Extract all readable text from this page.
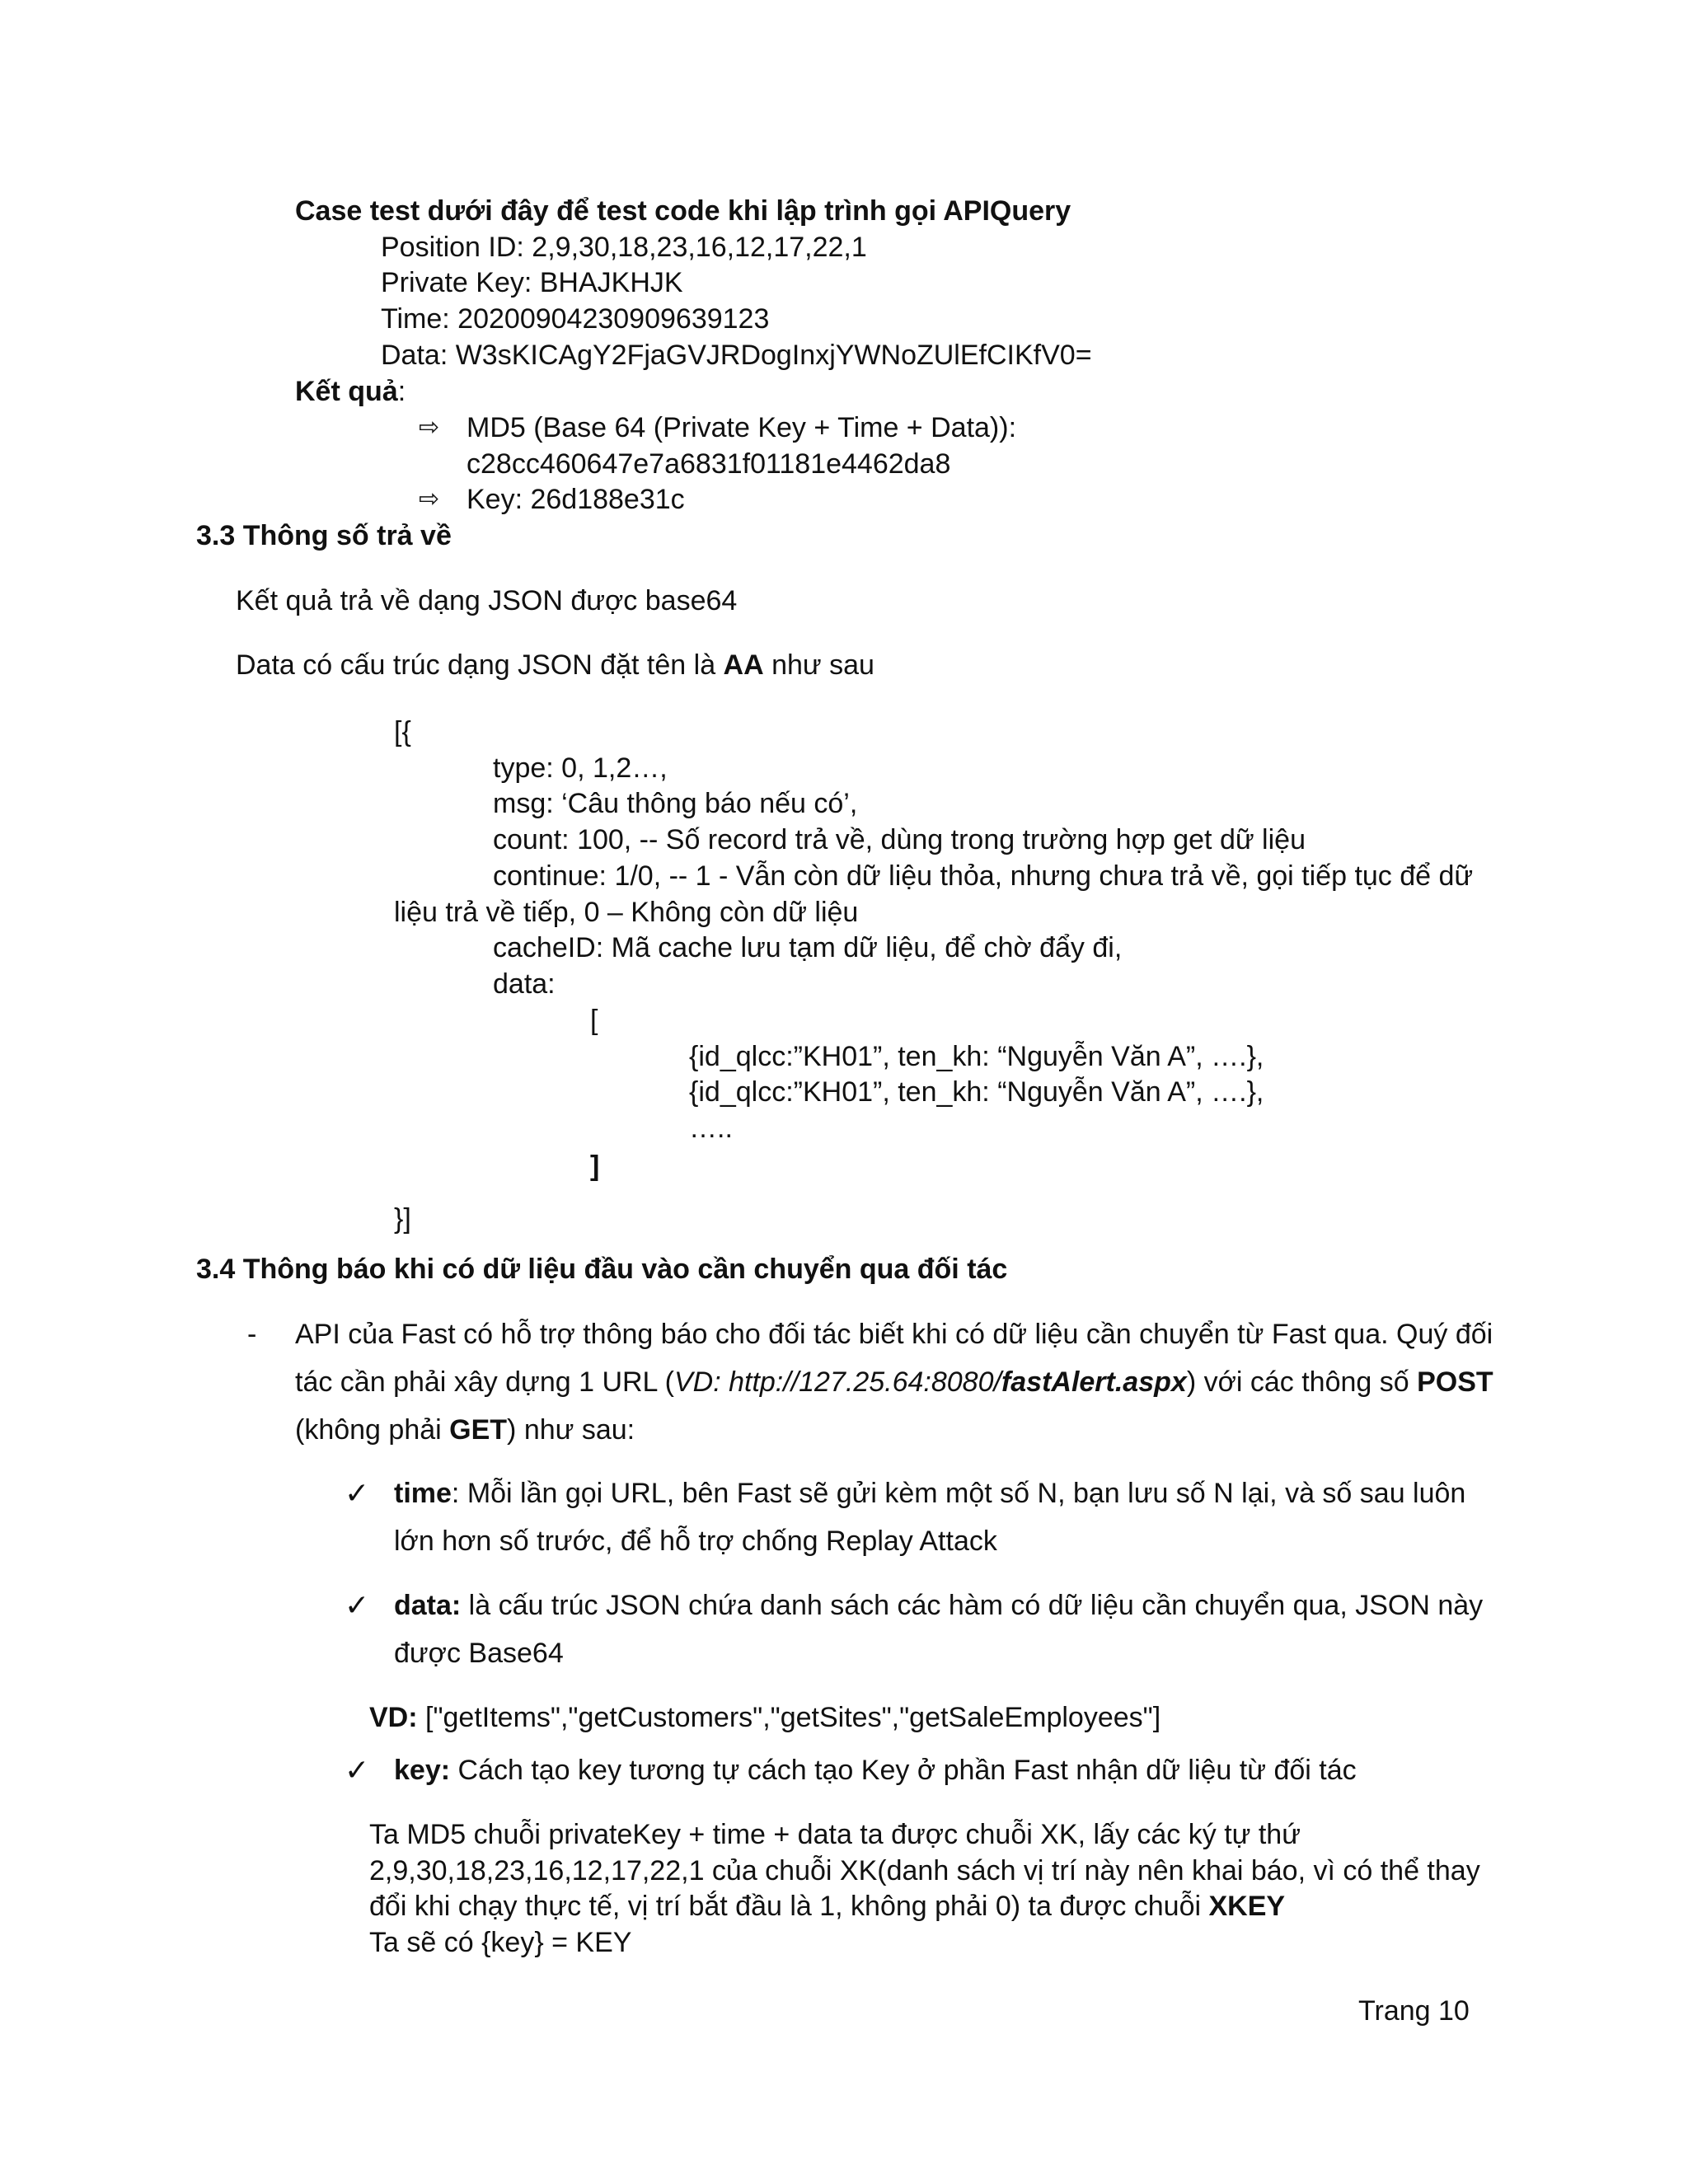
Case test dưới đây để test code khi lập trình gọi APIQuery
Position ID: 2,9,30,18,23,16,12,17,22,1
Private Key: BHAJKHJK
Time: 20200904230909639123
Data: W3sKICAgY2FjaGVJRDogInxjYWNoZUlEfCIKfV0=
Kết quả:
⇨ MD5 (Base 64 (Private Key + Time + Data)):
c28cc460647e7a6831f01181e4462da8
⇨ Key: 26d188e31c
3.3 Thông số trả về
Kết quả trả về dạng JSON được base64
Data có cấu trúc dạng JSON đặt tên là AA như sau
[{
type: 0, 1,2…,
msg: ‘Câu thông báo nếu có’,
count: 100, -- Số record trả về, dùng trong trường hợp get dữ liệu
continue: 1/0, -- 1 - Vẫn còn dữ liệu thỏa, nhưng chưa trả về, gọi tiếp tục để dữ
liệu trả về tiếp, 0 – Không còn dữ liệu
cacheID: Mã cache lưu tạm dữ liệu, để chờ đẩy đi,
data:
[
{id_qlcc:”KH01”, ten_kh: “Nguyễn Văn A”, ….},
{id_qlcc:”KH01”, ten_kh: “Nguyễn Văn A”, ….},
…..
]
}]
3.4 Thông báo khi có dữ liệu đầu vào cần chuyển qua đối tác
- API của Fast có hỗ trợ thông báo cho đối tác biết khi có dữ liệu cần chuyển từ Fast qua. Quý đối
tác cần phải xây dựng 1 URL (VD: http://127.25.64:8080/fastAlert.aspx) với các thông số POST
(không phải GET) như sau:
✓ time: Mỗi lần gọi URL, bên Fast sẽ gửi kèm một số N, bạn lưu số N lại, và số sau luôn
lớn hơn số trước, để hỗ trợ chống Replay Attack
✓ data: là cấu trúc JSON chứa danh sách các hàm có dữ liệu cần chuyển qua, JSON này
được Base64
VD: ["getItems","getCustomers","getSites","getSaleEmployees"]
✓ key: Cách tạo key tương tự cách tạo Key ở phần Fast nhận dữ liệu từ đối tác
Ta MD5 chuỗi privateKey + time + data ta được chuỗi XK, lấy các ký tự thứ
2,9,30,18,23,16,12,17,22,1 của chuỗi XK(danh sách vị trí này nên khai báo, vì có thể thay
đổi khi chạy thực tế, vị trí bắt đầu là 1, không phải 0) ta được chuỗi XKEY
Ta sẽ có {key} = KEY
Trang 10
